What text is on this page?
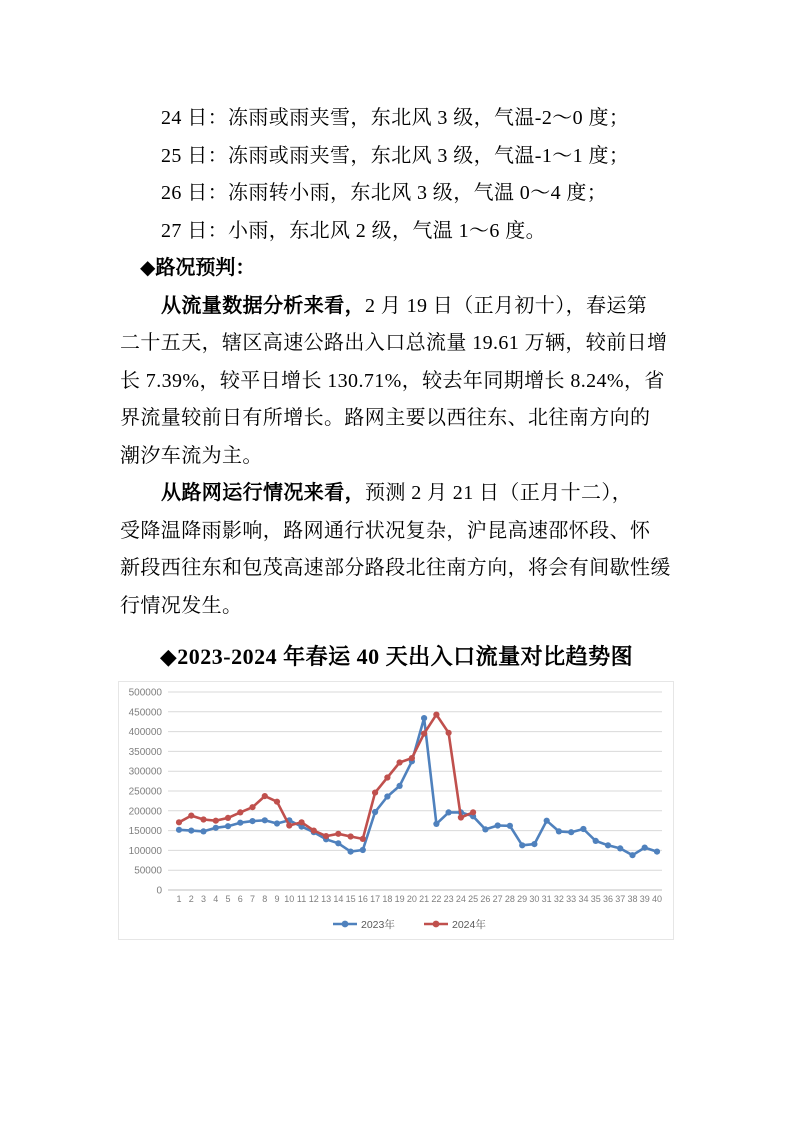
24 日：冻雨或雨夹雪，东北风 3 级，气温-2～0 度；
25 日：冻雨或雨夹雪，东北风 3 级，气温-1～1 度；
26 日：冻雨转小雨，东北风 3 级，气温 0～4 度；
27 日：小雨，东北风 2 级，气温 1～6 度。
◆路况预判：
从流量数据分析来看，2 月 19 日（正月初十），春运第
二十五天，辖区高速公路出入口总流量 19.61 万辆，较前日增
长 7.39%，较平日增长 130.71%，较去年同期增长 8.24%，省
界流量较前日有所增长。路网主要以西往东、北往南方向的
潮汐车流为主。
从路网运行情况来看，预测 2 月 21 日（正月十二），
受降温降雨影响，路网通行状况复杂，沪昆高速邵怀段、怀
新段西往东和包茂高速部分路段北往南方向，将会有间歇性缓
行情况发生。
◆2023-2024 年春运 40 天出入口流量对比趋势图
0
50000
100000
150000
200000
250000
300000
350000
400000
450000
500000
1 2 3 4 5 6 7 8 9 10 11 12 13 14 15 16 17 18 19 20 21 22 23 24 25 26 27 28 29 30 31 32 33 34 35 36 37 38 39 40
2023年	2024年
